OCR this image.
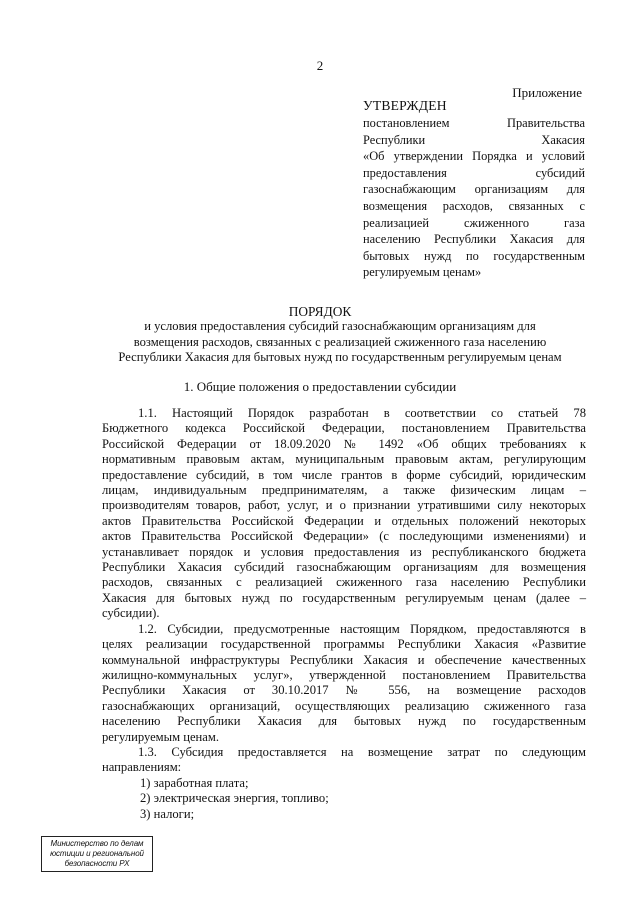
2
Приложение
УТВЕРЖДЕН
постановлением Правительства
Республики Хакасия
«Об утверждении Порядка и условий
предоставления субсидий
газоснабжающим организациям для
возмещения расходов, связанных с
реализацией сжиженного газа
населению Республики Хакасия для
бытовых нужд по государственным
регулируемым ценам»
ПОРЯДОК
и условия предоставления субсидий газоснабжающим организациям для
возмещения расходов, связанных с реализацией сжиженного газа населению
Республики Хакасия для бытовых нужд по государственным регулируемым ценам
1. Общие положения о предоставлении субсидии
1.1. Настоящий Порядок разработан в соответствии со статьей 78
Бюджетного кодекса Российской Федерации, постановлением Правительства
Российской Федерации от 18.09.2020 № 1492 «Об общих требованиях к
нормативным правовым актам, муниципальным правовым актам, регулирующим
предоставление субсидий, в том числе грантов в форме субсидий, юридическим
лицам, индивидуальным предпринимателям, а также физическим лицам –
производителям товаров, работ, услуг, и о признании утратившими силу некоторых
актов Правительства Российской Федерации и отдельных положений некоторых
актов Правительства Российской Федерации» (с последующими изменениями) и
устанавливает порядок и условия предоставления из республиканского бюджета
Республики Хакасия субсидий газоснабжающим организациям для возмещения
расходов, связанных с реализацией сжиженного газа населению Республики
Хакасия для бытовых нужд по государственным регулируемым ценам (далее –
субсидии).
1.2. Субсидии, предусмотренные настоящим Порядком, предоставляются в
целях реализации государственной программы Республики Хакасия «Развитие
коммунальной инфраструктуры Республики Хакасия и обеспечение качественных
жилищно-коммунальных услуг», утвержденной постановлением Правительства
Республики Хакасия от 30.10.2017 № 556, на возмещение расходов
газоснабжающих организаций, осуществляющих реализацию сжиженного газа
населению Республики Хакасия для бытовых нужд по государственным
регулируемым ценам.
1.3. Субсидия предоставляется на возмещение затрат по следующим
направлениям:
1) заработная плата;
2) электрическая энергия, топливо;
3) налоги;
Министерство по делам
юстиции и региональной
безопасности РХ
